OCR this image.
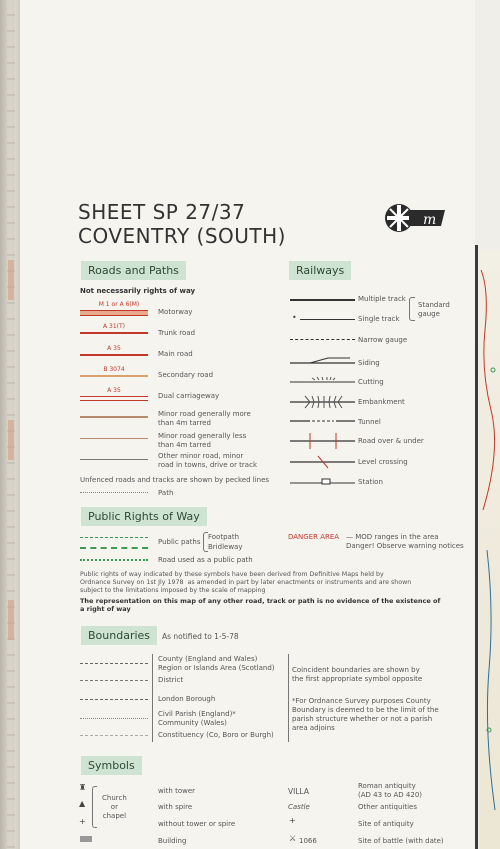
SHEET SP 27/37
COVENTRY (SOUTH)
m
Roads and Paths
Not necessarily rights of way
M 1 or A 6(M)
Motorway
A 31(T)
Trunk road
A 35
Main road
B 3074
Secondary road
A 35
Dual carriageway
Minor road generally more
than 4m tarred
Minor road generally less
than 4m tarred
Other minor road, minor
road in towns, drive or track
Unfenced roads and tracks are shown by pecked lines
Path
Railways
Multiple track
•	Single track
Standard
gauge
Narrow gauge
Siding
Cutting
Embankment
Tunnel
Road over & under
Level crossing
Station
Public Rights of Way
Public paths
Footpath
Bridleway
Road used as a public path
DANGER AREA — MOD ranges in the area
Danger! Observe warning notices
Public rights of way indicated by these symbols have been derived from Definitive Maps held by
Ordnance Survey on 1st Jly 1978  as amended in part by later enactments or instruments and are shown
subject to the limitations imposed by the scale of mapping
The representation on this map of any other road, track or path is no evidence of the existence of
a right of way
Boundaries	As notified to 1-5-78
County (England and Wales)
Region or Islands Area (Scotland)
District
London Borough
Civil Parish (England)*
Community (Wales)
Constituency (Co, Boro or Burgh)
Coincident boundaries are shown by
the first appropriate symbol opposite
*For Ordnance Survey purposes County
Boundary is deemed to be the limit of the
parish structure whether or not a parish
area adjoins
Symbols
♜
▲
+
Church
or
chapel
with tower
with spire
without tower or spire
Building
VILLA
Castle
+
⚔ 1066
Roman antiquity
(AD 43 to AD 420)
Other antiquities
Site of antiquity
Site of battle (with date)
